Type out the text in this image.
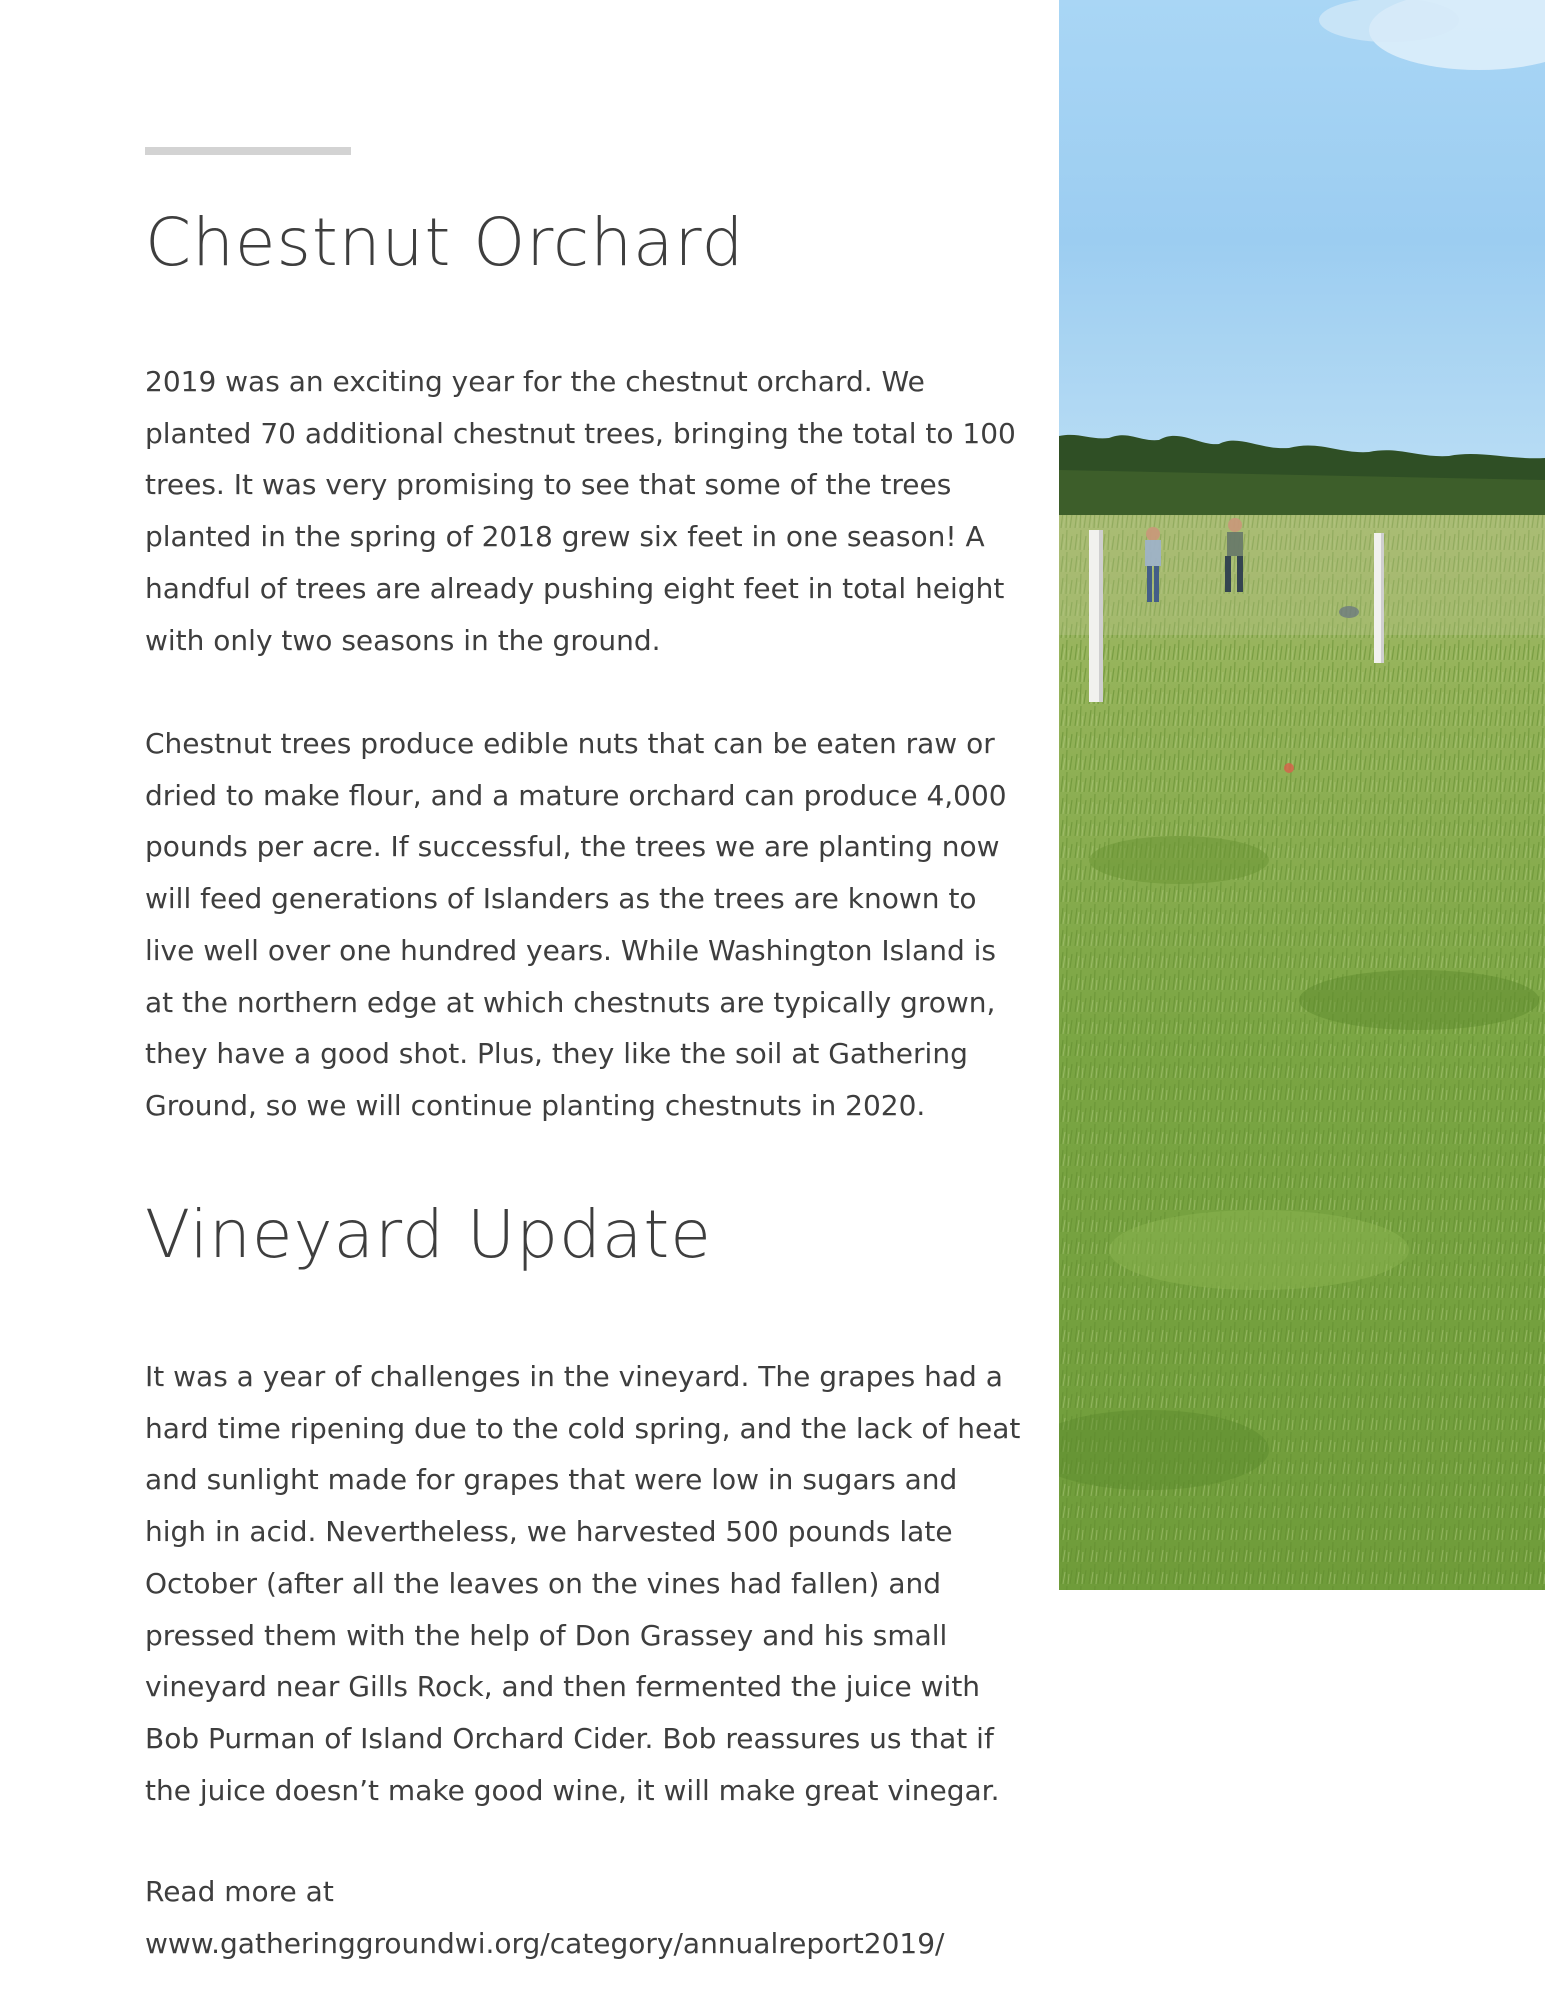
Chestnut Orchard

2019 was an exciting year for the chestnut orchard. We planted 70 additional chestnut trees, bringing the total to 100 trees. It was very promising to see that some of the trees planted in the spring of 2018 grew six feet in one season! A handful of trees are already pushing eight feet in total height with only two seasons in the ground.

Chestnut trees produce edible nuts that can be eaten raw or dried to make flour, and a mature orchard can produce 4,000 pounds per acre. If successful, the trees we are planting now will feed generations of Islanders as the trees are known to live well over one hundred years. While Washington Island is at the northern edge at which chestnuts are typically grown, they have a good shot. Plus, they like the soil at Gathering Ground, so we will continue planting chestnuts in 2020.

Vineyard Update

It was a year of challenges in the vineyard. The grapes had a hard time ripening due to the cold spring, and the lack of heat and sunlight made for grapes that were low in sugars and high in acid. Nevertheless, we harvested 500 pounds late October (after all the leaves on the vines had fallen) and pressed them with the help of Don Grassey and his small vineyard near Gills Rock, and then fermented the juice with Bob Purman of Island Orchard Cider. Bob reassures us that if the juice doesn’t make good wine, it will make great vinegar.

Read more at
www.gatheringgroundwi.org/category/annualreport2019/
